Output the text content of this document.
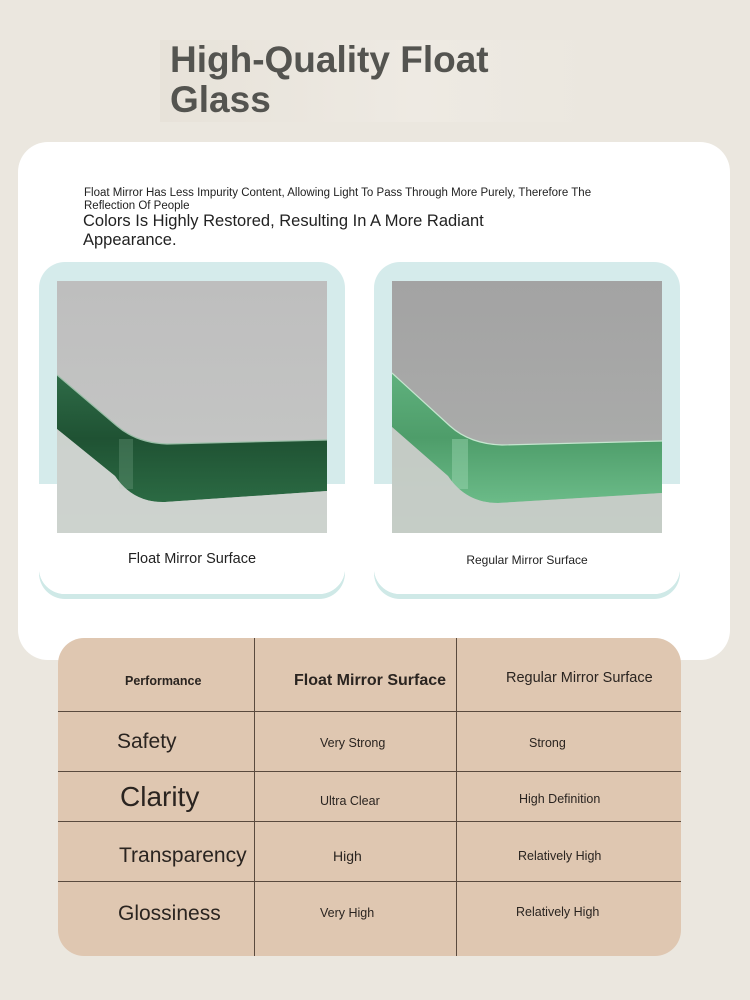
High-Quality Float
Glass
Float Mirror Has Less Impurity Content, Allowing Light To Pass Through More Purely, Therefore The Reflection Of People
Colors Is Highly Restored, Resulting In A More Radiant Appearance.
Float Mirror Surface	Regular Mirror Surface
Performance	Float Mirror Surface	Regular Mirror Surface
Safety	Very Strong	Strong
Clarity	Ultra Clear	High Definition
Transparency	High	Relatively High
Glossiness	Very High	Relatively High
